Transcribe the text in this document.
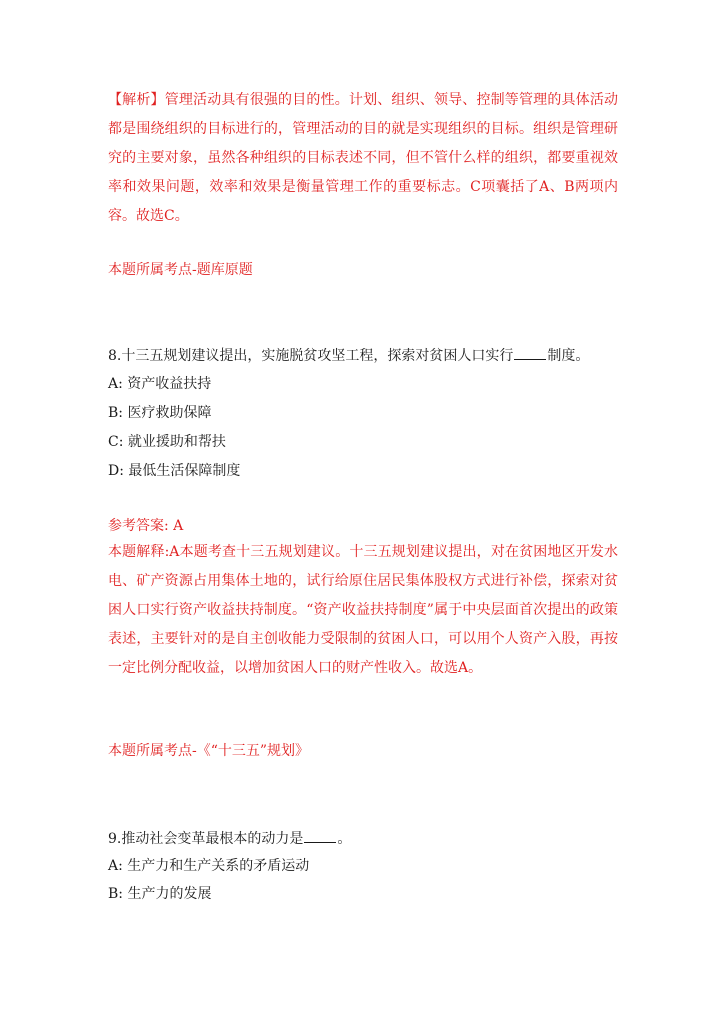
【解析】管理活动具有很强的目的性。计划、组织、领导、控制等管理的具体活动都是围绕组织的目标进行的，管理活动的目的就是实现组织的目标。组织是管理研究的主要对象，虽然各种组织的目标表述不同，但不管什么样的组织，都要重视效率和效果问题，效率和效果是衡量管理工作的重要标志。C项囊括了A、B两项内容。故选C。

本题所属考点-题库原题
8.十三五规划建议提出，实施脱贫攻坚工程，探索对贫困人口实行 制度。
A: 资产收益扶持
B: 医疗救助保障
C: 就业援助和帮扶
D: 最低生活保障制度
参考答案: A

本题解释:A本题考查十三五规划建议。十三五规划建议提出，对在贫困地区开发水电、矿产资源占用集体土地的，试行给原住居民集体股权方式进行补偿，探索对贫困人口实行资产收益扶持制度。“资产收益扶持制度”属于中央层面首次提出的政策表述，主要针对的是自主创收能力受限制的贫困人口，可以用个人资产入股，再按一定比例分配收益，以增加贫困人口的财产性收入。故选A。

本题所属考点-《“十三五”规划》
9.推动社会变革最根本的动力是 。
A: 生产力和生产关系的矛盾运动
B: 生产力的发展
